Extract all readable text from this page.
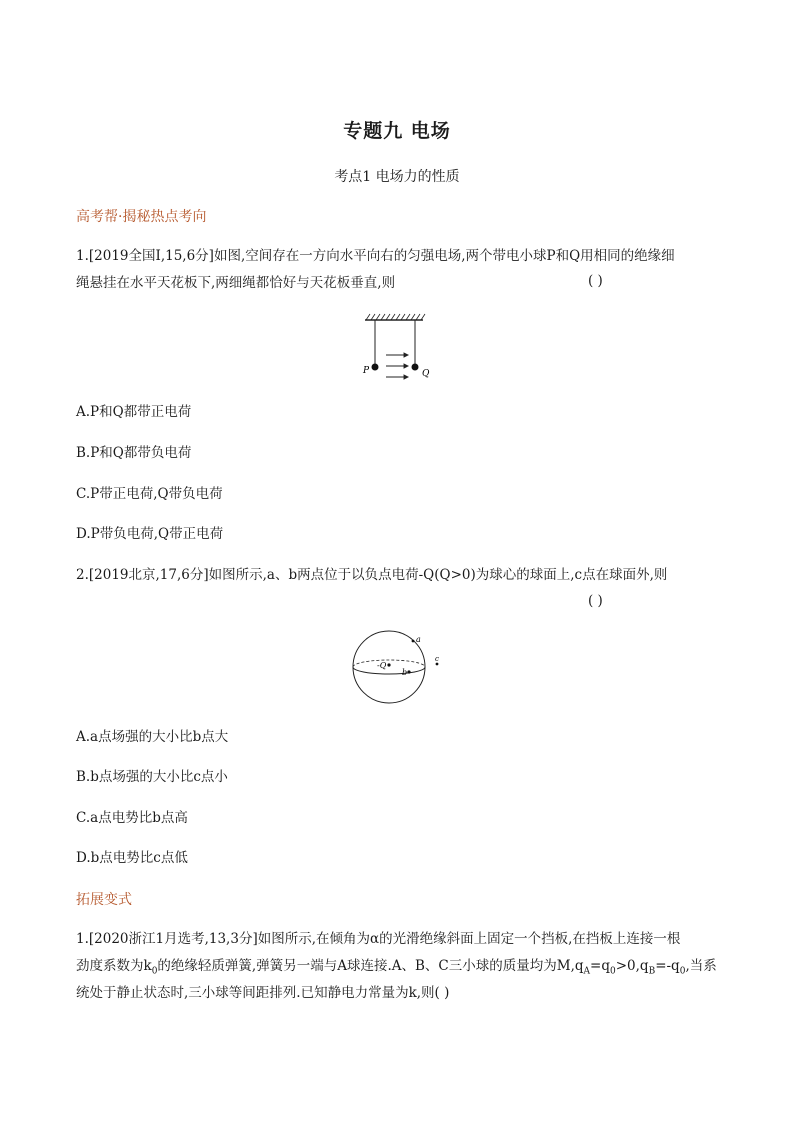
专题九 电场
考点1 电场力的性质
高考帮·揭秘热点考向
1.[2019全国Ⅰ,15,6分]如图,空间存在一方向水平向右的匀强电场,两个带电小球P和Q用相同的绝缘细
绳悬挂在水平天花板下,两细绳都恰好与天花板垂直,则	( )
P	Q
A.P和Q都带正电荷
B.P和Q都带负电荷
C.P带正电荷,Q带负电荷
D.P带负电荷,Q带正电荷
2.[2019北京,17,6分]如图所示,a、b两点位于以负点电荷-Q(Q>0)为球心的球面上,c点在球面外,则
( )
-Q
a
b
c
A.a点场强的大小比b点大
B.b点场强的大小比c点小
C.a点电势比b点高
D.b点电势比c点低
拓展变式
1.[2020浙江1月选考,13,3分]如图所示,在倾角为α的光滑绝缘斜面上固定一个挡板,在挡板上连接一根
劲度系数为$k_0$的绝缘轻质弹簧,弹簧另一端与A球连接.A、B、C三小球的质量均为$M,q_A=q_0>0,q_B=-q_0$,当系
统处于静止状态时,三小球等间距排列.已知静电力常量为k,则( )
